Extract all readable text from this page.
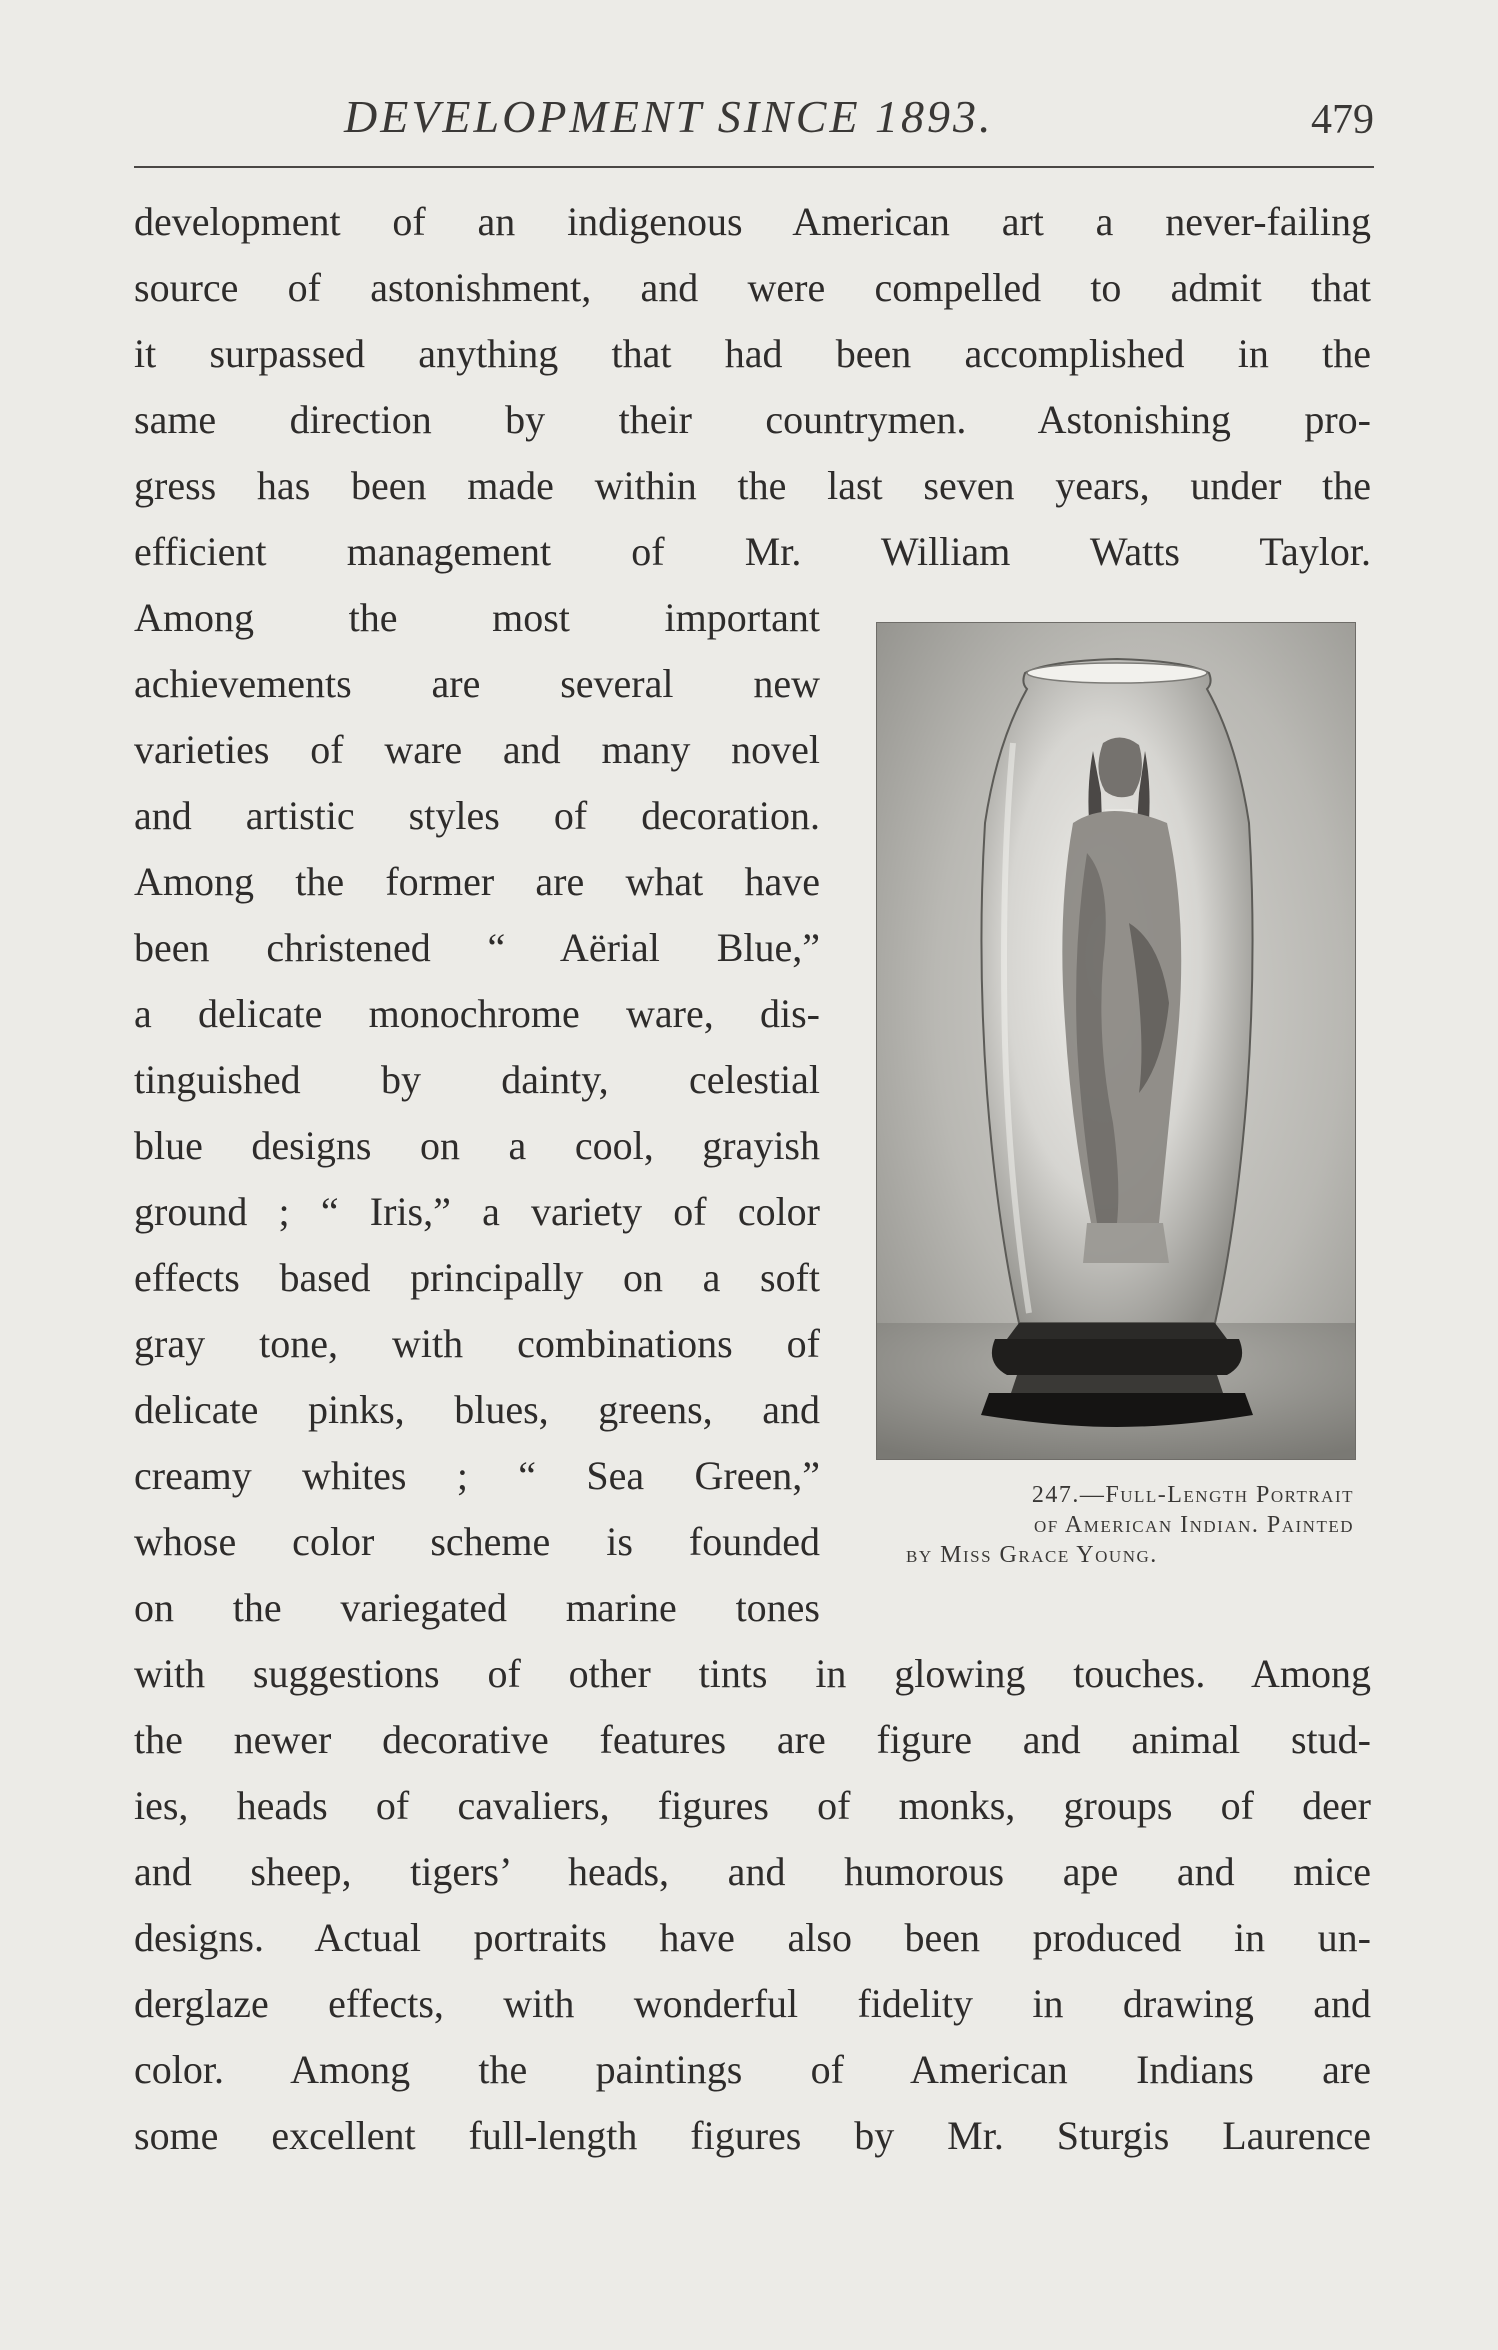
DEVELOPMENT SINCE 1893.	479
development of an indigenous American art a never-failing
source of astonishment, and were compelled to admit that
it surpassed anything that had been accomplished in the
same direction by their countrymen. Astonishing pro-
gress has been made within the last seven years, under the
efficient management of Mr. William Watts Taylor.
Among the most important
achievements are several new
varieties of ware and many novel
and artistic styles of decoration.
Among the former are what have
been christened “ Aërial Blue,”
a delicate monochrome ware, dis-
tinguished by dainty, celestial
blue designs on a cool, grayish
ground ; “ Iris,” a variety of color
effects based principally on a soft
gray tone, with combinations of
delicate pinks, blues, greens, and
creamy whites ; “ Sea Green,”
whose color scheme is founded
on the variegated marine tones
with suggestions of other tints in glowing touches. Among
the newer decorative features are figure and animal stud-
ies, heads of cavaliers, figures of monks, groups of deer
and sheep, tigers’ heads, and humorous ape and mice
designs. Actual portraits have also been produced in un-
derglaze effects, with wonderful fidelity in drawing and
color. Among the paintings of American Indians are
some excellent full-length figures by Mr. Sturgis Laurence
247.—Full-Length Portrait
of American Indian. Painted
by Miss Grace Young.
